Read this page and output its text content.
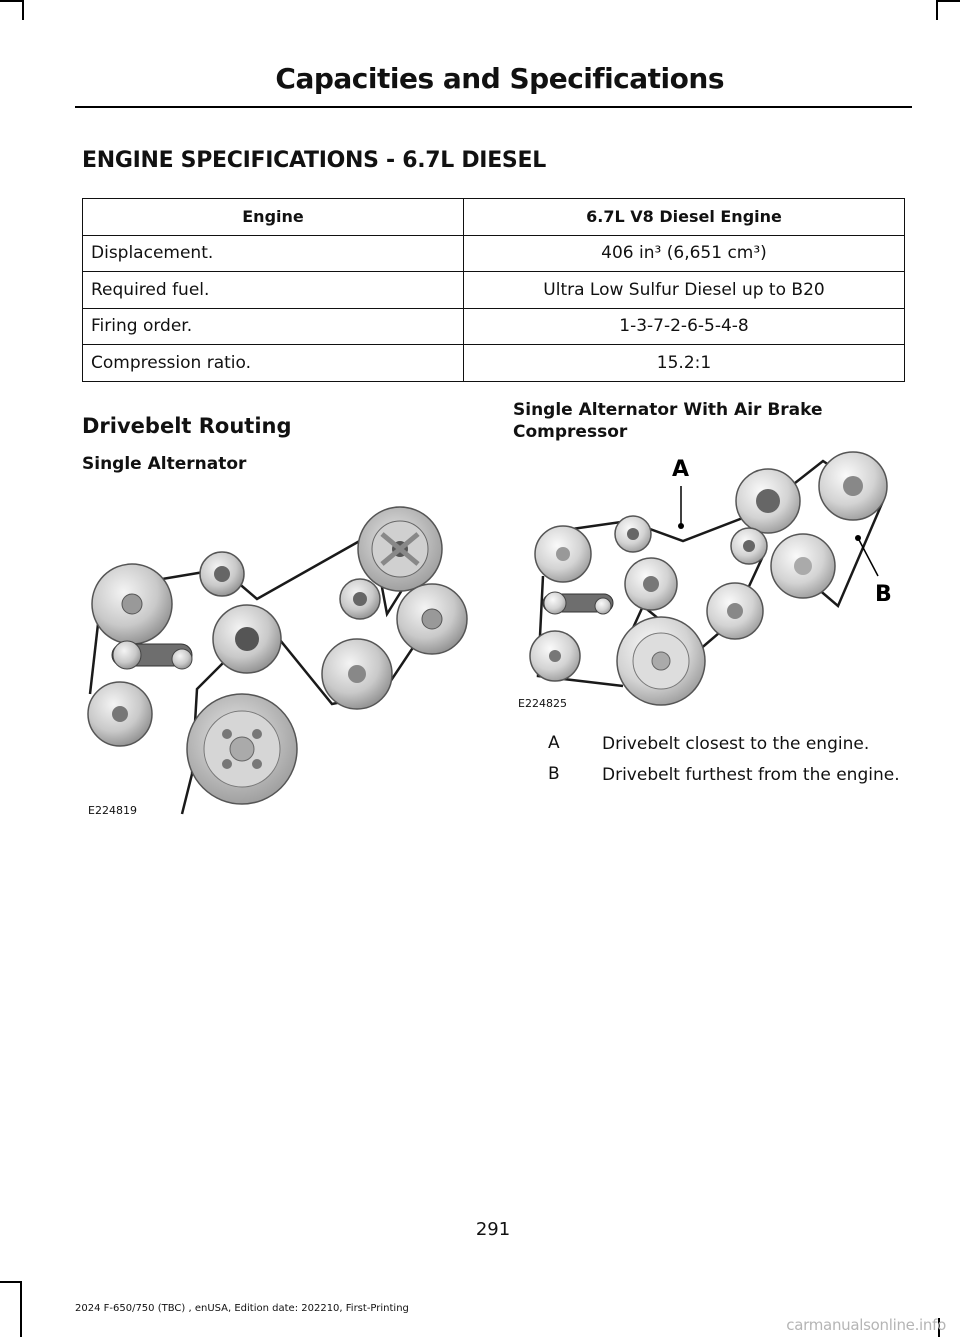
Capacities and Specifications
ENGINE SPECIFICATIONS - 6.7L DIESEL
Engine	6.7L V8 Diesel Engine
Displacement.	406 in³ (6,651 cm³)
Required fuel.	Ultra Low Sulfur Diesel up to B20
Firing order.	1-3-7-2-6-5-4-8
Compression ratio.	15.2:1
Drivebelt Routing
Single Alternator
Single Alternator With Air Brake Compressor
E224819
A
B
E224825
A	Drivebelt closest to the engine.
B	Drivebelt furthest from the engine.
291
2024 F-650/750 (TBC) , enUSA, Edition date: 202210, First-Printing
carmanualsonline.info
